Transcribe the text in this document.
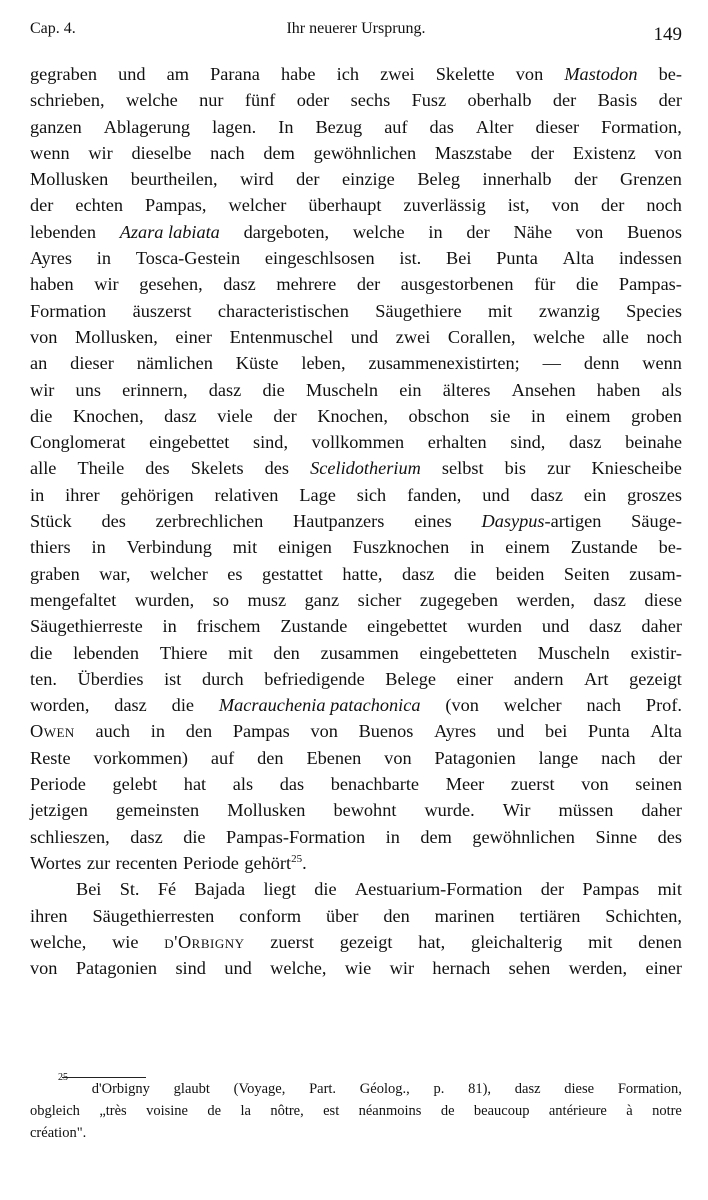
Cap. 4.	Ihr neuerer Ursprung.	149
gegraben und am Parana habe ich zwei Skelette von Mastodon be-
schrieben, welche nur fünf oder sechs Fusz oberhalb der Basis der
ganzen Ablagerung lagen. In Bezug auf das Alter dieser Formation,
wenn wir dieselbe nach dem gewöhnlichen Maszstabe der Existenz von
Mollusken beurtheilen, wird der einzige Beleg innerhalb der Grenzen
der echten Pampas, welcher überhaupt zuverlässig ist, von der noch
lebenden Azara labiata dargeboten, welche in der Nähe von Buenos
Ayres in Tosca-Gestein eingeschlsosen ist. Bei Punta Alta indessen
haben wir gesehen, dasz mehrere der ausgestorbenen für die Pampas-
Formation äuszerst characteristischen Säugethiere mit zwanzig Species
von Mollusken, einer Entenmuschel und zwei Corallen, welche alle noch
an dieser nämlichen Küste leben, zusammenexistirten; — denn wenn
wir uns erinnern, dasz die Muscheln ein älteres Ansehen haben als
die Knochen, dasz viele der Knochen, obschon sie in einem groben
Conglomerat eingebettet sind, vollkommen erhalten sind, dasz beinahe
alle Theile des Skelets des Scelidotherium selbst bis zur Kniescheibe
in ihrer gehörigen relativen Lage sich fanden, und dasz ein groszes
Stück des zerbrechlichen Hautpanzers eines Dasypus-artigen Säuge-
thiers in Verbindung mit einigen Fuszknochen in einem Zustande be-
graben war, welcher es gestattet hatte, dasz die beiden Seiten zusam-
mengefaltet wurden, so musz ganz sicher zugegeben werden, dasz diese
Säugethierreste in frischem Zustande eingebettet wurden und dasz daher
die lebenden Thiere mit den zusammen eingebetteten Muscheln existir-
ten. Überdies ist durch befriedigende Belege einer andern Art gezeigt
worden, dasz die Macrauchenia patachonica (von welcher nach Prof.
Owen auch in den Pampas von Buenos Ayres und bei Punta Alta
Reste vorkommen) auf den Ebenen von Patagonien lange nach der
Periode gelebt hat als das benachbarte Meer zuerst von seinen
jetzigen gemeinsten Mollusken bewohnt wurde. Wir müssen daher
schlieszen, dasz die Pampas-Formation in dem gewöhnlichen Sinne des
Wortes zur recenten Periode gehört$^{25}$.
Bei St. Fé Bajada liegt die Aestuarium-Formation der Pampas mit
ihren Säugethierresten conform über den marinen tertiären Schichten,
welche, wie d'Orbigny zuerst gezeigt hat, gleichalterig mit denen
von Patagonien sind und welche, wie wir hernach sehen werden, einer
25
d'Orbigny glaubt (Voyage, Part. Géolog., p. 81), dasz diese Formation,
obgleich „très voisine de la nôtre, est néanmoins de beaucoup antérieure à notre
création".
